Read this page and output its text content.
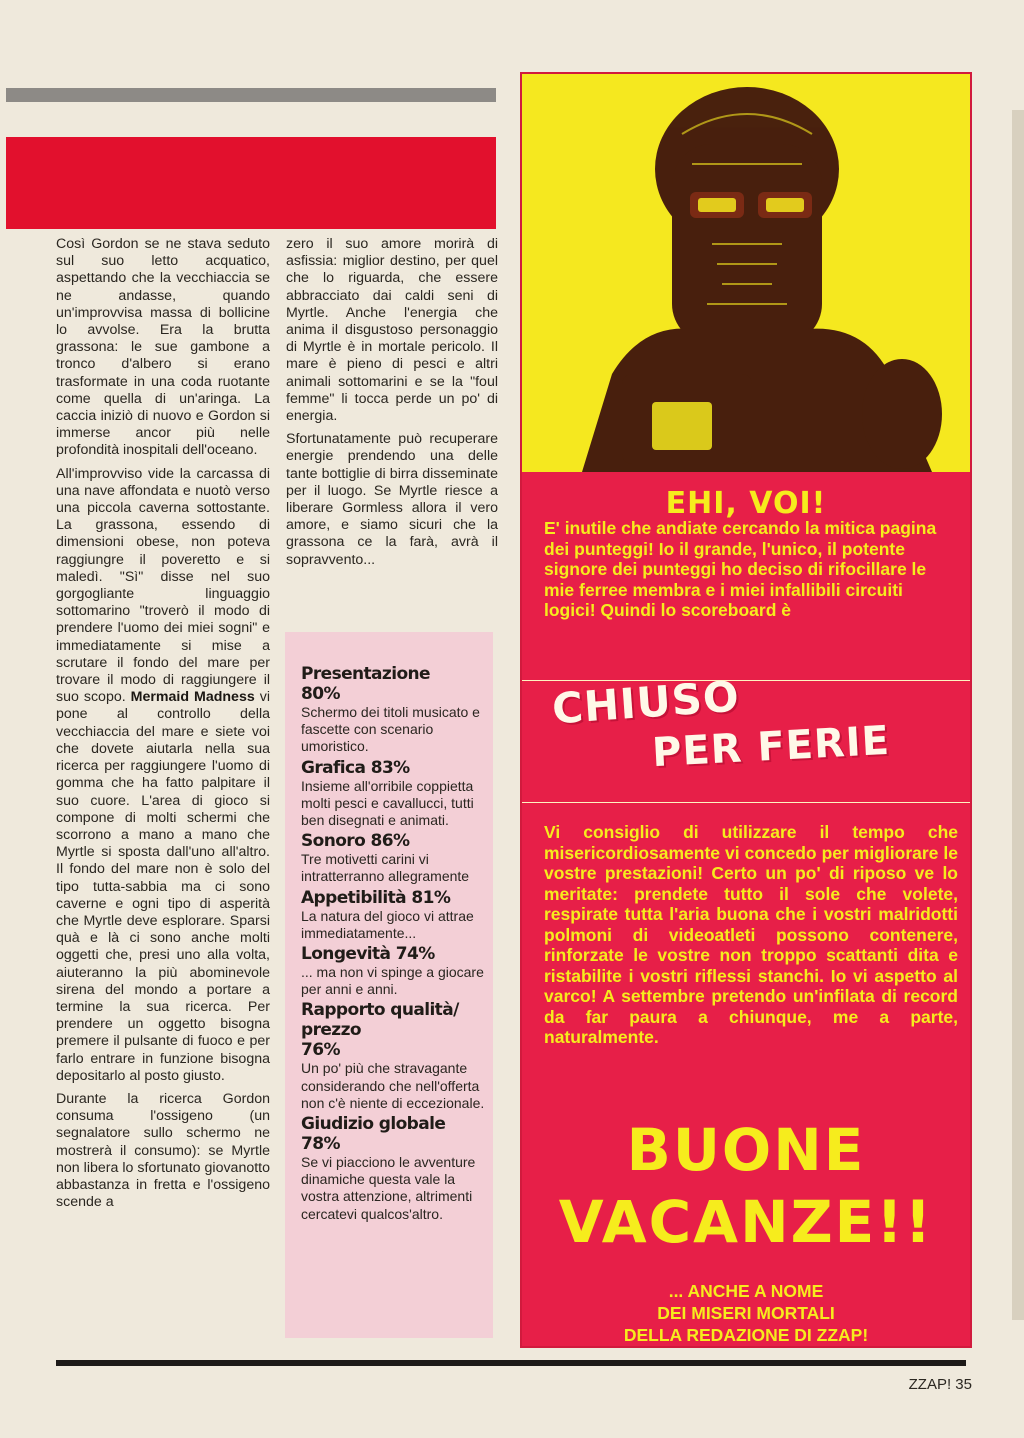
Così Gordon se ne stava seduto sul suo letto acquatico, aspettando che la vecchiaccia se ne andasse, quando un'improvvisa massa di bollicine lo avvolse. Era la brutta grassona: le sue gambone a tronco d'albero si erano trasformate in una coda ruotante come quella di un'aringa. La caccia iniziò di nuovo e Gordon si immerse ancor più nelle profondità inospitali dell'oceano.

All'improvviso vide la carcassa di una nave affondata e nuotò verso una piccola caverna sottostante. La grassona, essendo di dimensioni obese, non poteva raggiungre il poveretto e si maledì. "Sì" disse nel suo gorgogliante linguaggio sottomarino "troverò il modo di prendere l'uomo dei miei sogni" e immediatamente si mise a scrutare il fondo del mare per trovare il modo di raggiungere il suo scopo. Mermaid Madness vi pone al controllo della vecchiaccia del mare e siete voi che dovete aiutarla nella sua ricerca per raggiungere l'uomo di gomma che ha fatto palpitare il suo cuore. L'area di gioco si compone di molti schermi che scorrono a mano a mano che Myrtle si sposta dall'uno all'altro. Il fondo del mare non è solo del tipo tutta-sabbia ma ci sono caverne e ogni tipo di asperità che Myrtle deve esplorare. Sparsi quà e là ci sono anche molti oggetti che, presi uno alla volta, aiuteranno la più abominevole sirena del mondo a portare a termine la sua ricerca. Per prendere un oggetto bisogna premere il pulsante di fuoco e per farlo entrare in funzione bisogna depositarlo al posto giusto.

Durante la ricerca Gordon consuma l'ossigeno (un segnalatore sullo schermo ne mostrerà il consumo): se Myrtle non libera lo sfortunato giovanotto abbastanza in fretta e l'ossigeno scende a

zero il suo amore morirà di asfissia: miglior destino, per quel che lo riguarda, che essere abbracciato dai caldi seni di Myrtle. Anche l'energia che anima il disgustoso personaggio di Myrtle è in mortale pericolo. Il mare è pieno di pesci e altri animali sottomarini e se la "foul femme" li tocca perde un po' di energia.

Sfortunatamente può recuperare energie prendendo una delle tante bottiglie di birra disseminate per il luogo. Se Myrtle riesce a liberare Gormless allora il vero amore, e siamo sicuri che la grassona ce la farà, avrà il sopravvento...

Presentazione
80%
Schermo dei titoli musicato e fascette con scenario umoristico.
Grafica 83%
Insieme all'orribile coppietta molti pesci e cavallucci, tutti ben disegnati e animati.
Sonoro 86%
Tre motivetti carini vi intratterranno allegramente
Appetibilità 81%
La natura del gioco vi attrae immediatamente...
Longevità 74%
... ma non vi spinge a giocare per anni e anni.
Rapporto qualità/ prezzo
76%
Un po' più che stravagante considerando che nell'offerta non c'è niente di eccezionale.
Giudizio globale
78%
Se vi piacciono le avventure dinamiche questa vale la vostra attenzione, altrimenti cercatevi qualcos'altro.
EHI, VOI!
E' inutile che andiate cercando la mitica pagina dei punteggi! Io il grande, l'unico, il potente signore dei punteggi ho deciso di rifocillare le mie ferree membra e i miei infallibili circuiti logici! Quindi lo scoreboard è
CHIUSO
PER FERIE
Vi consiglio di utilizzare il tempo che misericordiosamente vi concedo per migliorare le vostre prestazioni! Certo un po' di riposo ve lo meritate: prendete tutto il sole che volete, respirate tutta l'aria buona che i vostri malridotti polmoni di videoatleti possono contenere, rinforzate le vostre non troppo scattanti dita e ristabilite i vostri riflessi stanchi. Io vi aspetto al varco! A settembre pretendo un'infilata di record da far paura a chiunque, me a parte, naturalmente.
BUONE
VACANZE!!
... ANCHE A NOME
DEI MISERI MORTALI
DELLA REDAZIONE DI ZZAP!
ZZAP! 35
